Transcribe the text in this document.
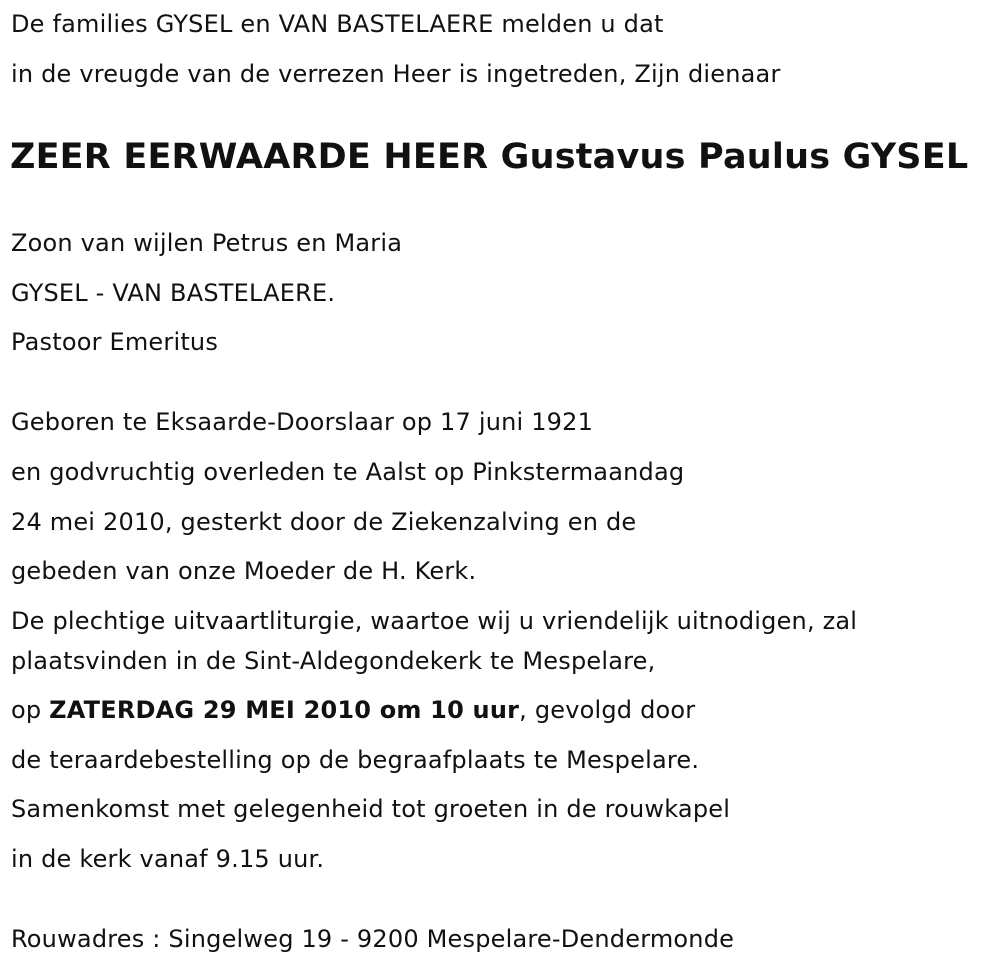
De families GYSEL en VAN BASTELAERE melden u dat
in de vreugde van de verrezen Heer is ingetreden, Zijn dienaar
ZEER EERWAARDE HEER Gustavus Paulus GYSEL
Zoon van wijlen Petrus en Maria
GYSEL - VAN BASTELAERE.
Pastoor Emeritus
Geboren te Eksaarde-Doorslaar op 17 juni 1921
en godvruchtig overleden te Aalst op Pinkstermaandag
24 mei 2010, gesterkt door de Ziekenzalving en de
gebeden van onze Moeder de H. Kerk.
De plechtige uitvaartliturgie, waartoe wij u vriendelijk uitnodigen, zal
plaatsvinden in de Sint-Aldegondekerk te Mespelare,
op ZATERDAG 29 MEI 2010 om 10 uur, gevolgd door
de teraardebestelling op de begraafplaats te Mespelare.
Samenkomst met gelegenheid tot groeten in de rouwkapel
in de kerk vanaf 9.15 uur.
Rouwadres : Singelweg 19 - 9200 Mespelare-Dendermonde
